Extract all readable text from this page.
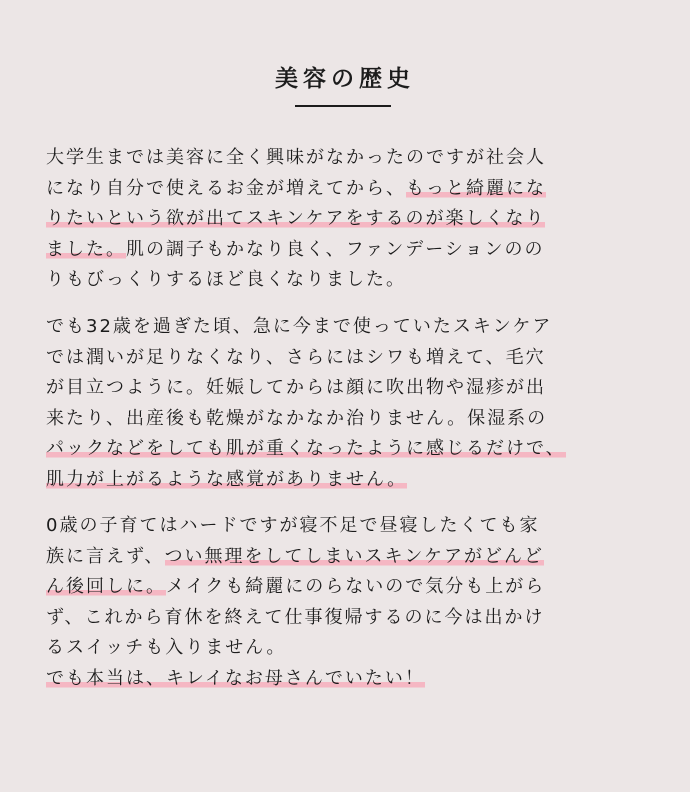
美容の歴史
大学生までは美容に全く興味がなかったのですが社会人
になり自分で使えるお金が増えてから、もっと綺麗にな
りたいという欲が出てスキンケアをするのが楽しくなり
ました。肌の調子もかなり良く、ファンデーションのの
りもびっくりするほど良くなりました。
でも32歳を過ぎた頃、急に今まで使っていたスキンケア
では潤いが足りなくなり、さらにはシワも増えて、毛穴
が目立つように。妊娠してからは顔に吹出物や湿疹が出
来たり、出産後も乾燥がなかなか治りません。保湿系の
パックなどをしても肌が重くなったように感じるだけで、
肌力が上がるような感覚がありません。
0歳の子育てはハードですが寝不足で昼寝したくても家
族に言えず、つい無理をしてしまいスキンケアがどんど
ん後回しに。メイクも綺麗にのらないので気分も上がら
ず、これから育休を終えて仕事復帰するのに今は出かけ
るスイッチも入りません。
でも本当は、キレイなお母さんでいたい！
